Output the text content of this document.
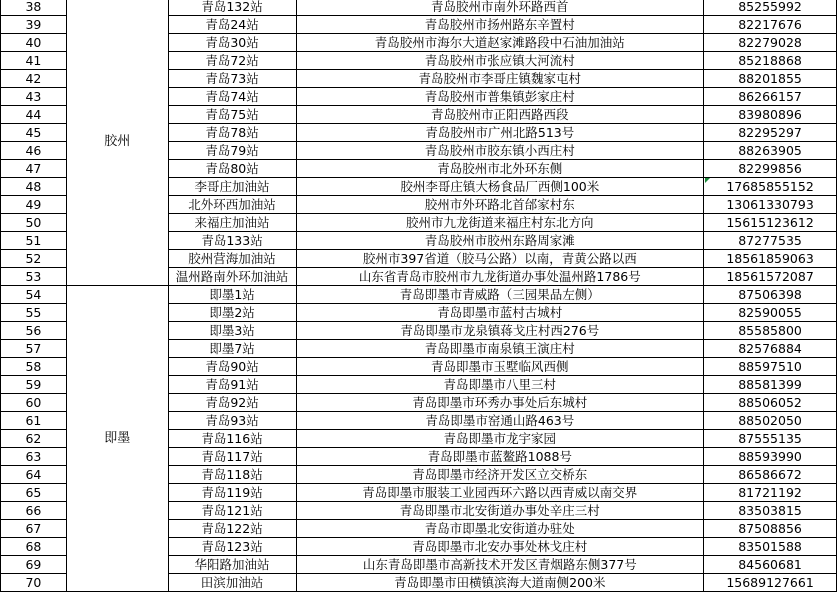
38	胶州	青岛132站	青岛胶州市南外环路西首	85255992
39		青岛24站	青岛胶州市扬州路东辛置村	82217676
40		青岛30站	青岛胶州市海尔大道赵家滩路段中石油加油站	82279028
41		青岛72站	青岛胶州市张应镇大河流村	85218868
42		青岛73站	青岛胶州市李哥庄镇魏家屯村	88201855
43		青岛74站	青岛胶州市普集镇彭家庄村	86266157
44		青岛75站	青岛胶州市正阳西路西段	83980896
45		青岛78站	青岛胶州市广州北路513号	82295297
46		青岛79站	青岛胶州市胶东镇小西庄村	88263905
47		青岛80站	青岛胶州市北外环东侧	82299856
48		李哥庄加油站	胶州李哥庄镇大杨食品厂西侧100米	17685855152
49		北外环西加油站	胶州市外环路北首邰家村东	13061330793
50		来福庄加油站	胶州市九龙街道来福庄村东北方向	15615123612
51		青岛133站	青岛胶州市胶州东路周家滩	87277535
52		胶州营海加油站	胶州市397省道（胶马公路）以南，青黄公路以西	18561859063
53		温州路南外环加油站	山东省青岛市胶州市九龙街道办事处温州路1786号	18561572087
54	即墨	即墨1站	青岛即墨市青威路（三园果品左侧）	87506398
55		即墨2站	青岛即墨市蓝村古城村	82590055
56		即墨3站	青岛即墨市龙泉镇蒋戈庄村西276号	85585800
57		即墨7站	青岛即墨市南泉镇王演庄村	82576884
58		青岛90站	青岛即墨市玉墅临风西侧	88597510
59		青岛91站	青岛即墨市八里三村	88581399
60		青岛92站	青岛即墨市环秀办事处后东城村	88506052
61		青岛93站	青岛即墨市窑通山路463号	88502050
62		青岛116站	青岛即墨市龙宇家园	87555135
63		青岛117站	青岛即墨市蓝鳌路1088号	88593990
64		青岛118站	青岛即墨市经济开发区立交桥东	86586672
65		青岛119站	青岛即墨市服装工业园西环六路以西青威以南交界	81721192
66		青岛121站	青岛即墨市北安街道办事处辛庄三村	83503815
67		青岛122站	青岛市即墨北安街道办驻处	87508856
68		青岛123站	青岛即墨市北安办事处林戈庄村	83501588
69		华阳路加油站	山东青岛即墨市高新技术开发区青烟路东侧377号	84560681
70		田滨加油站	青岛即墨市田横镇滨海大道南侧200米	15689127661
